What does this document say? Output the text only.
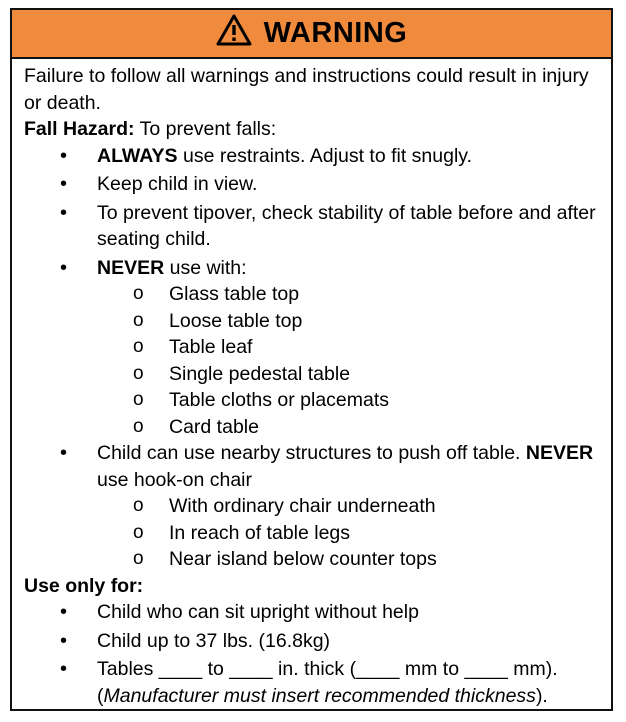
WARNING

Failure to follow all warnings and instructions could result in injury or death.

Fall Hazard: To prevent falls:

• ALWAYS use restraints. Adjust to fit snugly.
• Keep child in view.
• To prevent tipover, check stability of table before and after seating child.
• NEVER use with:
o Glass table top
o Loose table top
o Table leaf
o Single pedestal table
o Table cloths or placemats
o Card table
• Child can use nearby structures to push off table. NEVER use hook-on chair
o With ordinary chair underneath
o In reach of table legs
o Near island below counter tops

Use only for:

• Child who can sit upright without help
• Child up to 37 lbs. (16.8kg)
• Tables ____ to ____ in. thick (____ mm to ____ mm). (Manufacturer must insert recommended thickness).
